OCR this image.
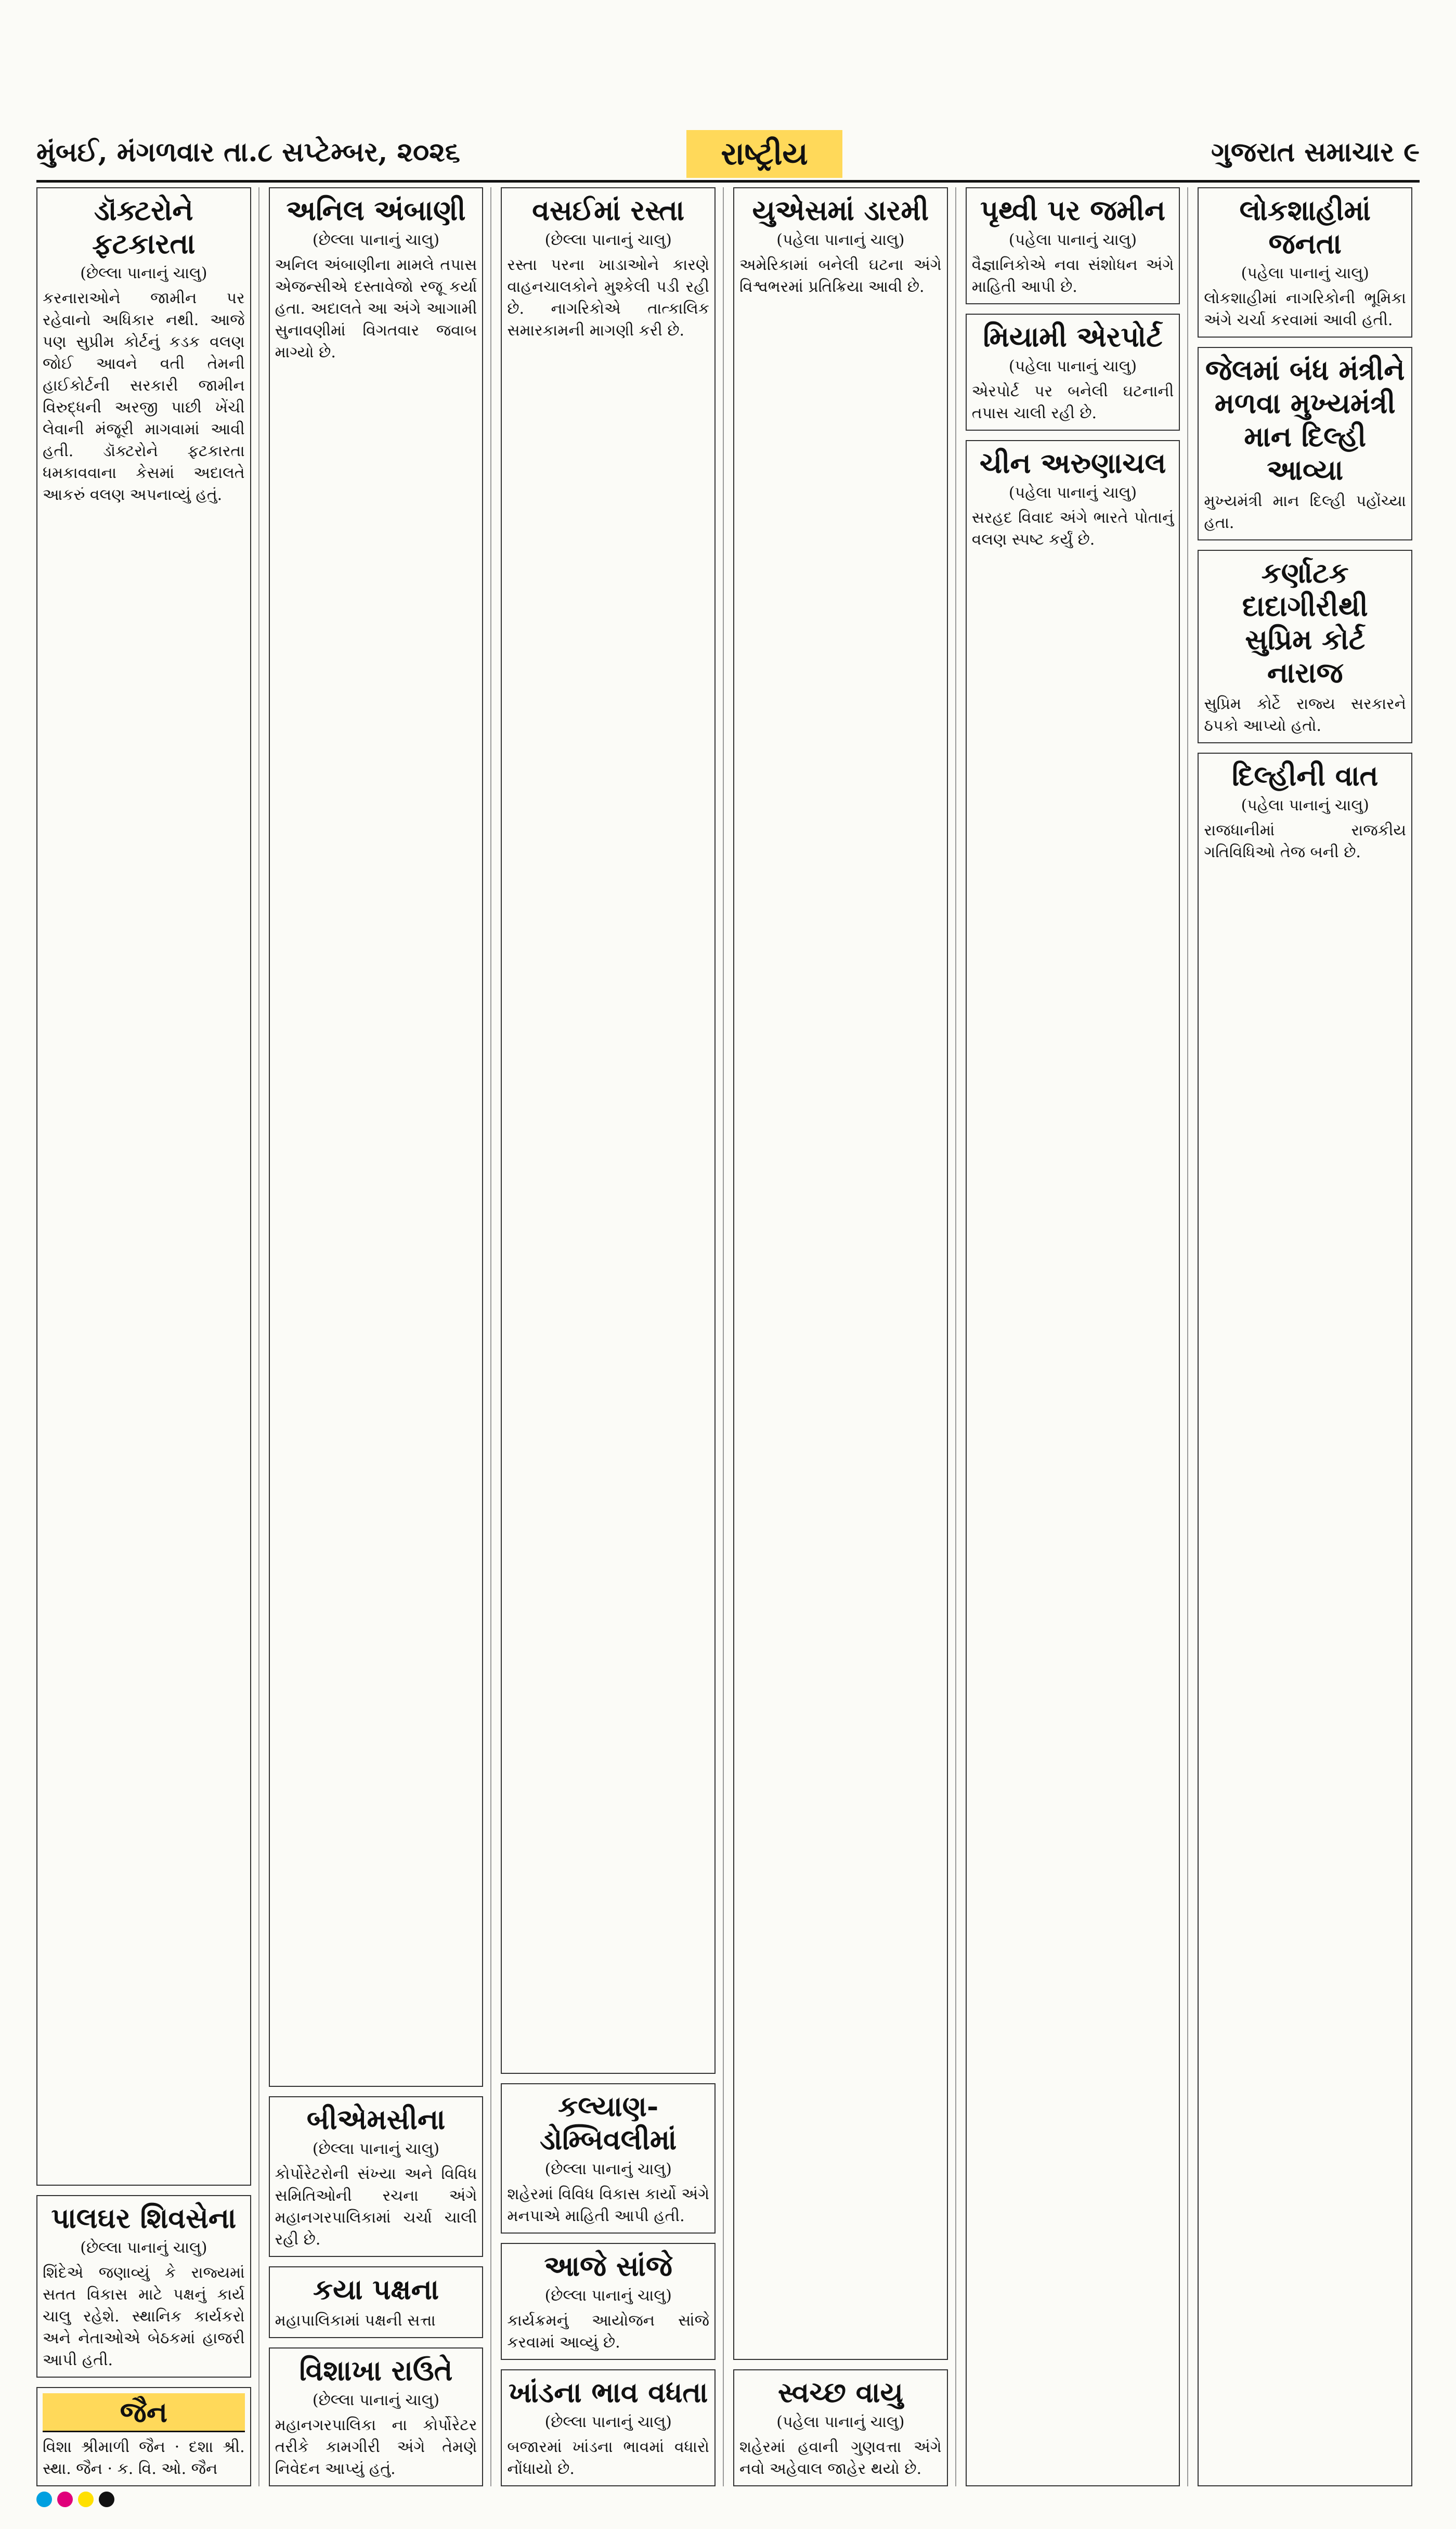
મુંબઈ, મંગળવાર તા.૮ સપ્ટેમ્બર, ૨૦૨૬	રાષ્ટ્રીય	ગુજરાત સમાચાર ૯
ડૉક્ટરોને ફટકારતા
(છેલ્લા પાનાનું ચાલુ)
કરનારાઓને જામીન પર રહેવાનો અધિકાર નથી. આજે પણ સુપ્રીમ કોર્ટનું કડક વલણ જોઈ આવને વતી તેમની હાઈકોર્ટની સરકારી જામીન વિરુદ્ધની અરજી પાછી ખેંચી લેવાની મંજૂરી માગવામાં આવી હતી. ડૉક્ટરોને ફટકારતા ધમકાવવાના કેસમાં અદાલતે આકરું વલણ અપનાવ્યું હતું.
પાલઘર શિવસેના
(છેલ્લા પાનાનું ચાલુ)
શિંદેએ જણાવ્યું કે રાજ્યમાં સતત વિકાસ માટે પક્ષનું કાર્ય ચાલુ રહેશે. સ્થાનિક કાર્યકરો અને નેતાઓએ બેઠકમાં હાજરી આપી હતી.
જૈન
વિશા શ્રીમાળી જૈન · દશા શ્રી. સ્થા. જૈન · ક. વિ. ઓ. જૈન
અનિલ અંબાણી
(છેલ્લા પાનાનું ચાલુ)
અનિલ અંબાણીના મામલે તપાસ એજન્સીએ દસ્તાવેજો રજૂ કર્યા હતા. અદાલતે આ અંગે આગામી સુનાવણીમાં વિગતવાર જવાબ માગ્યો છે.
બીએમસીના
(છેલ્લા પાનાનું ચાલુ)
કોર્પોરેટરોની સંખ્યા અને વિવિધ સમિતિઓની રચના અંગે મહાનગરપાલિકામાં ચર્ચા ચાલી રહી છે.
કયા પક્ષના
મહાપાલિકામાં પક્ષની સત્તા
વિશાખા રાઉતે
(છેલ્લા પાનાનું ચાલુ)
મહાનગરપાલિકા ના કોર્પોરેટર તરીકે કામગીરી અંગે તેમણે નિવેદન આપ્યું હતું.
વસઈમાં રસ્તા
(છેલ્લા પાનાનું ચાલુ)
રસ્તા પરના ખાડાઓને કારણે વાહનચાલકોને મુશ્કેલી પડી રહી છે. નાગરિકોએ તાત્કાલિક સમારકામની માગણી કરી છે.
કલ્યાણ-ડોમ્બિવલીમાં
(છેલ્લા પાનાનું ચાલુ)
શહેરમાં વિવિધ વિકાસ કાર્યો અંગે મનપાએ માહિતી આપી હતી.
આજે સાંજે
(છેલ્લા પાનાનું ચાલુ)
કાર્યક્રમનું આયોજન સાંજે કરવામાં આવ્યું છે.
ખાંડના ભાવ વધતા
(છેલ્લા પાનાનું ચાલુ)
બજારમાં ખાંડના ભાવમાં વધારો નોંધાયો છે.
યુએસમાં ડારમી
(પહેલા પાનાનું ચાલુ)
અમેરિકામાં બનેલી ઘટના અંગે વિશ્વભરમાં પ્રતિક્રિયા આવી છે.
સ્વચ્છ વાયુ
(પહેલા પાનાનું ચાલુ)
શહેરમાં હવાની ગુણવત્તા અંગે નવો અહેવાલ જાહેર થયો છે.
પૃથ્વી પર જમીન
(પહેલા પાનાનું ચાલુ)
વૈજ્ઞાનિકોએ નવા સંશોધન અંગે માહિતી આપી છે.
મિયામી એરપોર્ટ
(પહેલા પાનાનું ચાલુ)
એરપોર્ટ પર બનેલી ઘટનાની તપાસ ચાલી રહી છે.
ચીન અરુણાચલ
(પહેલા પાનાનું ચાલુ)
સરહદ વિવાદ અંગે ભારતે પોતાનું વલણ સ્પષ્ટ કર્યું છે.
લોકશાહીમાં જનતા
(પહેલા પાનાનું ચાલુ)
લોકશાહીમાં નાગરિકોની ભૂમિકા અંગે ચર્ચા કરવામાં આવી હતી.
જેલમાં બંધ મંત્રીને મળવા મુખ્યમંત્રી માન દિલ્હી આવ્યા
મુખ્યમંત્રી માન દિલ્હી પહોંચ્યા હતા.
કર્ણાટક દાદાગીરીથી સુપ્રિમ કોર્ટ નારાજ
સુપ્રિમ કોર્ટે રાજ્ય સરકારને ઠપકો આપ્યો હતો.
દિલ્હીની વાત
(પહેલા પાનાનું ચાલુ)
રાજધાનીમાં રાજકીય ગતિવિધિઓ તેજ બની છે.
